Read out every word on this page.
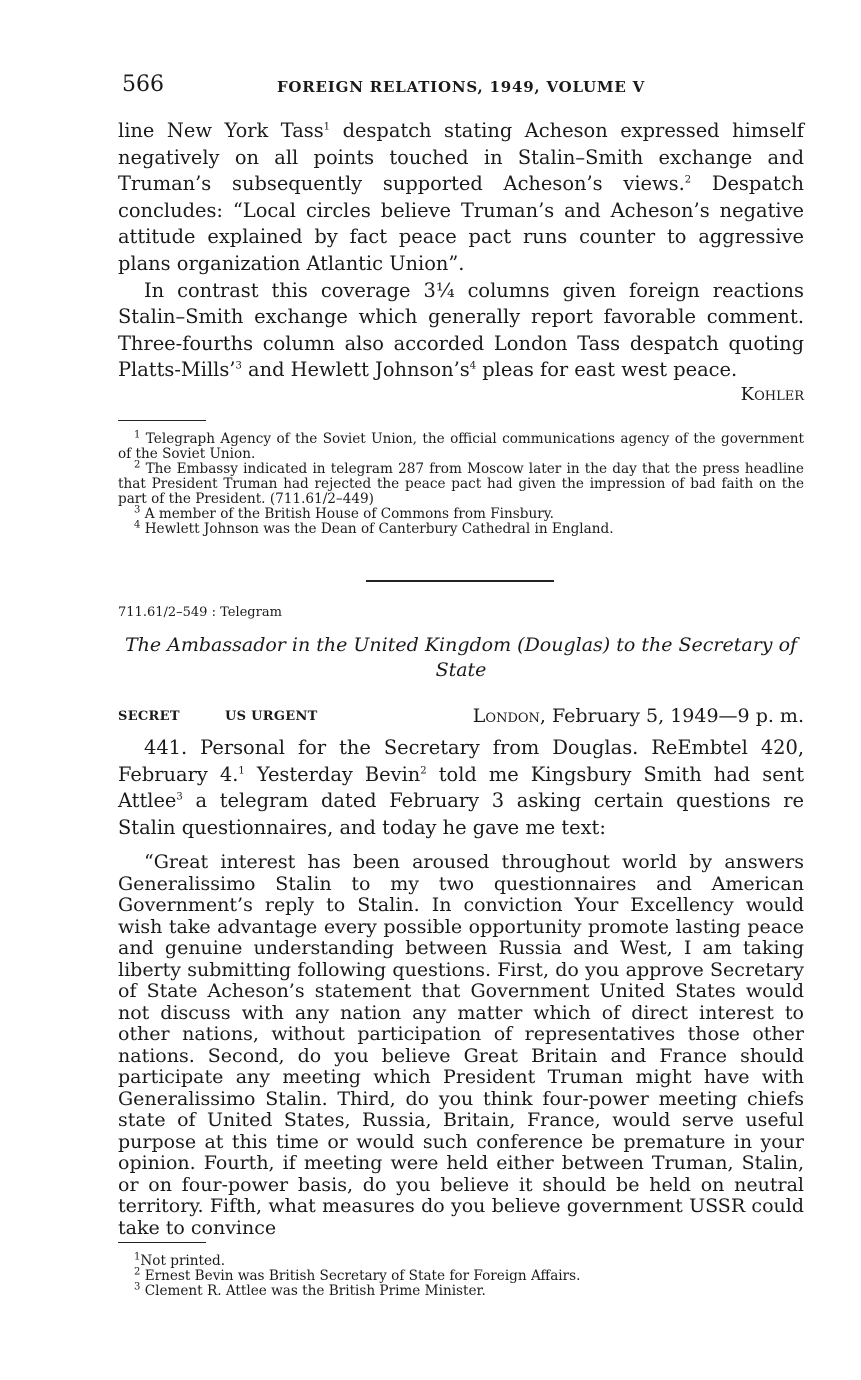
566	FOREIGN RELATIONS, 1949, VOLUME V

line New York Tass$^1$ despatch stating Acheson expressed himself negatively on all points touched in Stalin–Smith exchange and Truman’s subsequently supported Acheson’s views.$^2$ Despatch concludes: “Local circles believe Truman’s and Acheson’s negative attitude explained by fact peace pact runs counter to aggressive plans organization Atlantic Union”.

In contrast this coverage 3¼ columns given foreign reactions Stalin–Smith exchange which generally report favorable comment. Three-fourths column also accorded London Tass despatch quoting Platts-Mills’$^3$ and Hewlett $Johnson’s^4$ pleas for east west peace.

Kohler

$^1$ Telegraph Agency of the Soviet Union, the official communications agency of the government of the Soviet Union.

$^2$ The Embassy indicated in telegram 287 from Moscow later in the day that the press headline that President Truman had rejected the peace pact had given the impression of bad faith on the part of the President. (711.61/2–449)

$^3$ A member of the British House of Commons from Finsbury.

$^4$ Hewlett Johnson was the Dean of Canterbury Cathedral in England.

711.61/2–549 : Telegram

The Ambassador in the United Kingdom (Douglas) to the Secretary of State

SECRET	US URGENT	London, February 5, 1949—9 p. m.

441. Personal for the Secretary from Douglas. ReEmbtel 420, February 4.$^1$ Yesterday Bevin$^2$ told me Kingsbury Smith had sent Attlee$^3$ a telegram dated February 3 asking certain questions re Stalin questionnaires, and today he gave me text:

“Great interest has been aroused throughout world by answers Generalissimo Stalin to my two questionnaires and American Government’s reply to Stalin. In conviction Your Excellency would wish take advantage every possible opportunity promote lasting peace and genuine understanding between Russia and West, I am taking liberty submitting following questions. First, do you approve Secretary of State Acheson’s statement that Government United States would not discuss with any nation any matter which of direct interest to other nations, without participation of representatives those other nations. Second, do you believe Great Britain and France should participate any meeting which President Truman might have with Generalissimo Stalin. Third, do you think four-power meeting chiefs state of United States, Russia, Britain, France, would serve useful purpose at this time or would such conference be premature in your opinion. Fourth, if meeting were held either between Truman, Stalin, or on four-power basis, do you believe it should be held on neutral territory. Fifth, what measures do you believe government USSR could take to convince

$^1$Not printed.

$^2$ Ernest Bevin was British Secretary of State for Foreign Affairs.

$^3$ Clement R. Attlee was the British Prime Minister.
